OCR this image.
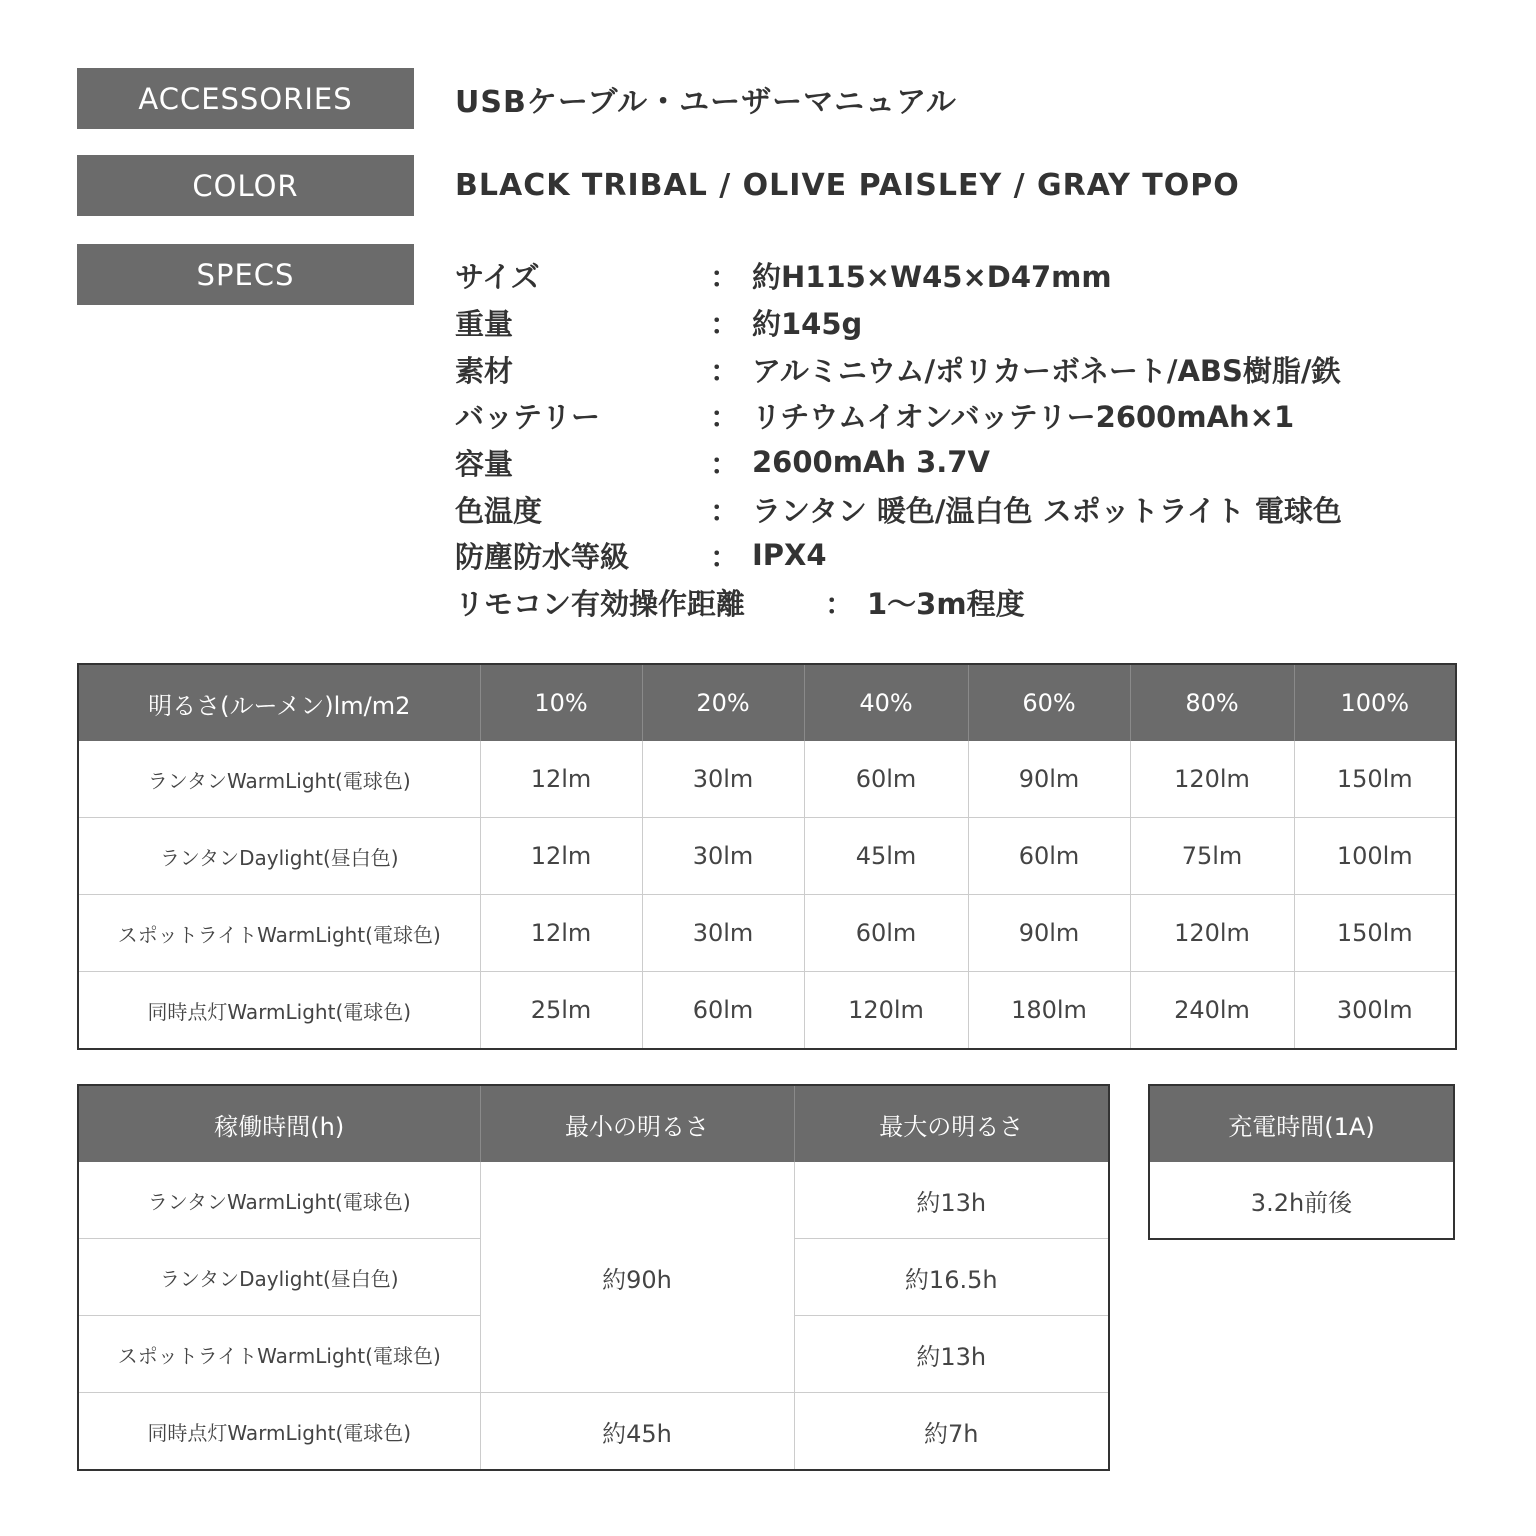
ACCESSORIES	USBケーブル・ユーザーマニュアル
COLOR	BLACK TRIBAL / OLIVE PAISLEY / GRAY TOPO
SPECS	サイズ	： 約H115×W45×D47mm
重量	： 約145g
素材	： アルミニウム/ポリカーボネート/ABS樹脂/鉄
バッテリー	： リチウムイオンバッテリー2600mAh×1
容量	： 2600mAh 3.7V
色温度	： ランタン 暖色/温白色 スポットライト 電球色
防塵防水等級	： IPX4
リモコン有効操作距離	： 1〜3m程度
明るさ(ルーメン)lm/m2	10%	20%	40%	60%	80%	100%
ランタンWarmLight(電球色)	12lm	30lm	60lm	90lm	120lm	150lm
ランタンDaylight(昼白色)	12lm	30lm	45lm	60lm	75lm	100lm
スポットライトWarmLight(電球色)	12lm	30lm	60lm	90lm	120lm	150lm
同時点灯WarmLight(電球色)	25lm	60lm	120lm	180lm	240lm	300lm
稼働時間(h)	最小の明るさ	最大の明るさ
ランタンWarmLight(電球色)	約90h	約13h
ランタンDaylight(昼白色)		約16.5h
スポットライトWarmLight(電球色)		約13h
同時点灯WarmLight(電球色)	約45h	約7h
充電時間(1A)
3.2h前後
